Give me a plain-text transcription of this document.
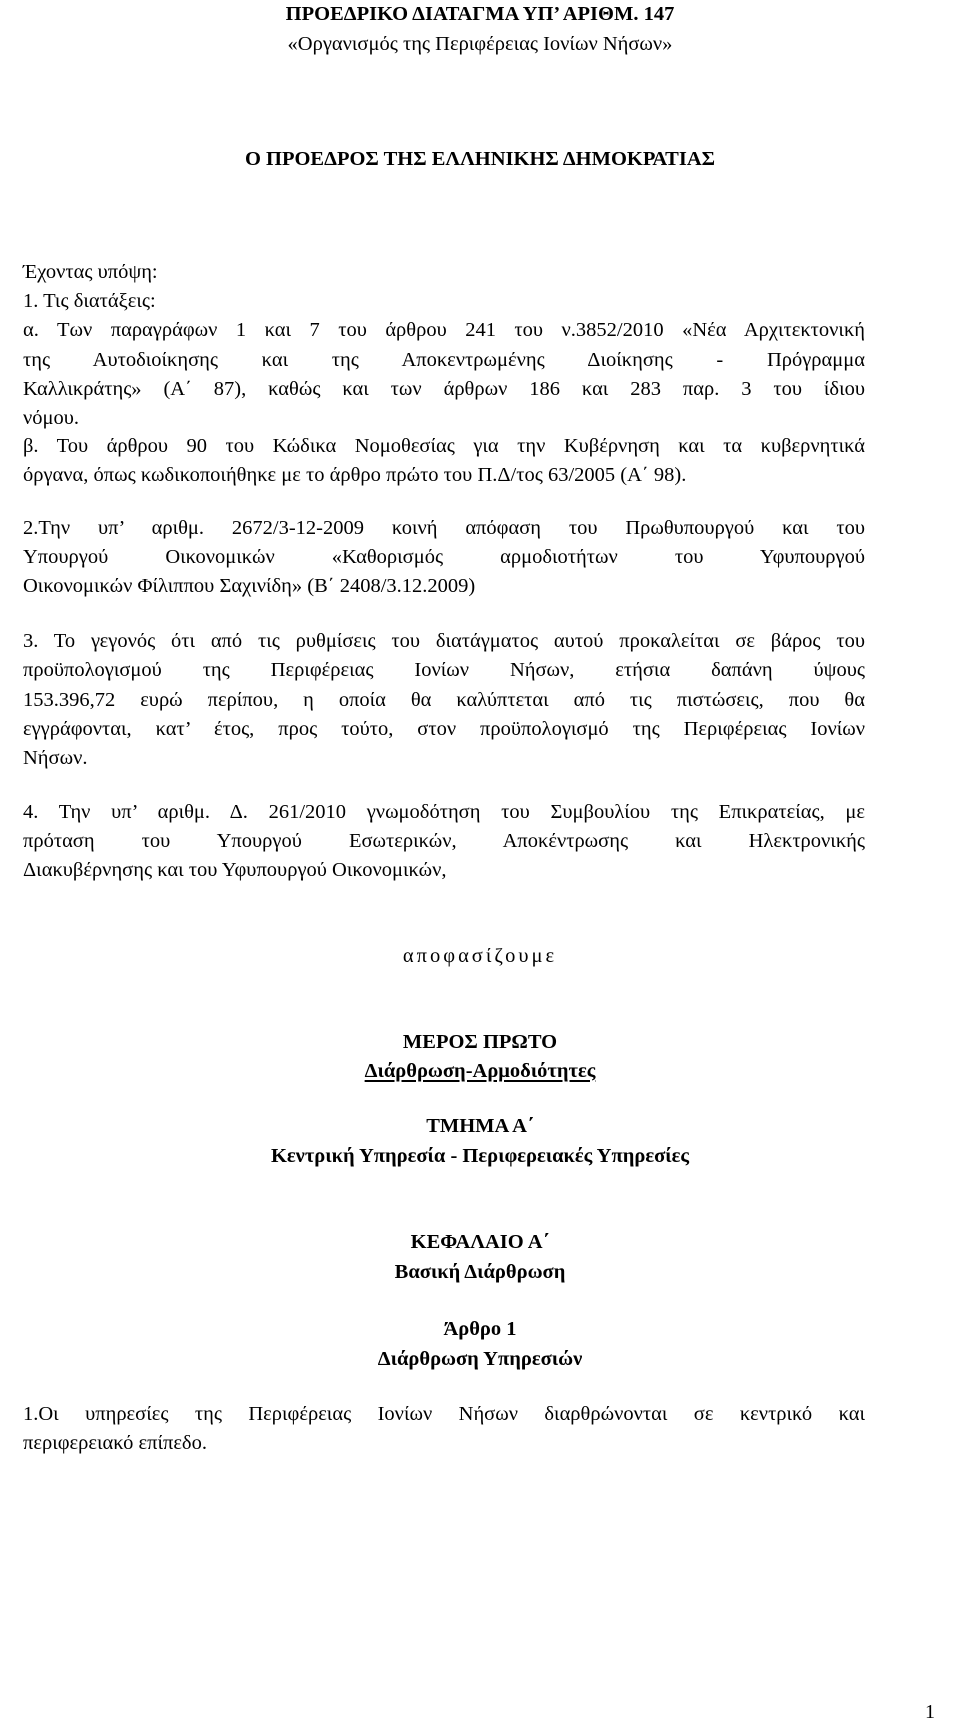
ΠΡΟΕΔΡΙΚΟ ΔΙΑΤΑΓΜΑ ΥΠ’ ΑΡΙΘΜ. 147
«Οργανισμός της Περιφέρειας Ιονίων Νήσων»
Ο ΠΡΟΕΔΡΟΣ ΤΗΣ ΕΛΛΗΝΙΚΗΣ ΔΗΜΟΚΡΑΤΙΑΣ
Έχοντας υπόψη:
1. Τις διατάξεις:
α. Των παραγράφων 1 και 7 του άρθρου 241 του ν.3852/2010 «Νέα Αρχιτεκτονική
της Αυτοδιοίκησης και της Αποκεντρωμένης Διοίκησης - Πρόγραμμα
Καλλικράτης» (Α΄ 87), καθώς και των άρθρων 186 και 283 παρ. 3 του ίδιου
νόμου.
β. Του άρθρου 90 του Κώδικα Νομοθεσίας για την Κυβέρνηση και τα κυβερνητικά
όργανα, όπως κωδικοποιήθηκε με το άρθρο πρώτο του Π.Δ/τος 63/2005 (Α΄ 98).
2.Την υπ’ αριθμ. 2672/3-12-2009 κοινή απόφαση του Πρωθυπουργού και του
Υπουργού Οικονομικών «Καθορισμός αρμοδιοτήτων του Υφυπουργού
Οικονομικών Φίλιππου Σαχινίδη» (Β΄ 2408/3.12.2009)
3. Το γεγονός ότι από τις ρυθμίσεις του διατάγματος αυτού προκαλείται σε βάρος του
προϋπολογισμού της Περιφέρειας Ιονίων Νήσων, ετήσια δαπάνη ύψους
153.396,72 ευρώ περίπου, η οποία θα καλύπτεται από τις πιστώσεις, που θα
εγγράφονται, κατ’ έτος, προς τούτο, στον προϋπολογισμό της Περιφέρειας Ιονίων
Νήσων.
4. Την υπ’ αριθμ. Δ. 261/2010 γνωμοδότηση του Συμβουλίου της Επικρατείας, με
πρόταση του Υπουργού Εσωτερικών, Αποκέντρωσης και Ηλεκτρονικής
Διακυβέρνησης και του Υφυπουργού Οικονομικών,
αποφασίζουμε
ΜΕΡΟΣ ΠΡΩΤΟ
Διάρθρωση-Αρμοδιότητες
ΤΜΗΜΑ Α΄
Κεντρική Υπηρεσία - Περιφερειακές Υπηρεσίες
ΚΕΦΑΛΑΙΟ Α΄
Βασική Διάρθρωση
Άρθρο 1
Διάρθρωση Υπηρεσιών
1.Οι υπηρεσίες της Περιφέρειας Ιονίων Νήσων διαρθρώνονται σε κεντρικό και
περιφερειακό επίπεδο.
1
